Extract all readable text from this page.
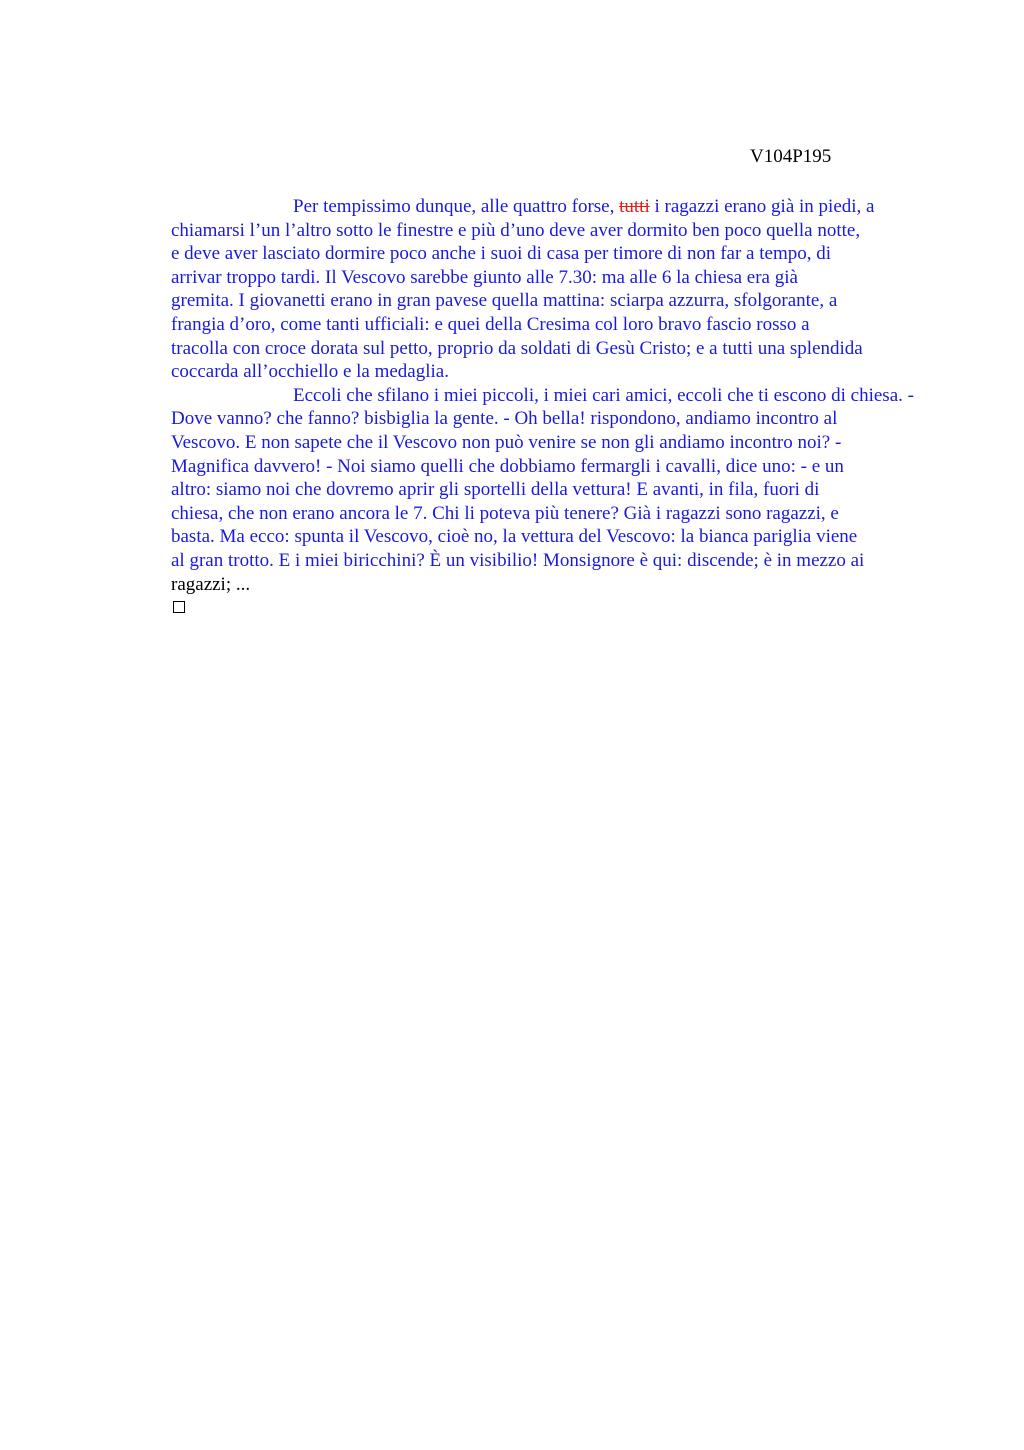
V104P195
Per tempissimo dunque, alle quattro forse, tutti i ragazzi erano già in piedi, a
chiamarsi l’un l’altro sotto le finestre e più d’uno deve aver dormito ben poco quella notte,
e deve aver lasciato dormire poco anche i suoi di casa per timore di non far a tempo, di
arrivar troppo tardi. Il Vescovo sarebbe giunto alle 7.30: ma alle 6 la chiesa era già
gremita. I giovanetti erano in gran pavese quella mattina: sciarpa azzurra, sfolgorante, a
frangia d’oro, come tanti ufficiali: e quei della Cresima col loro bravo fascio rosso a
tracolla con croce dorata sul petto, proprio da soldati di Gesù Cristo; e a tutti una splendida
coccarda all’occhiello e la medaglia.
Eccoli che sfilano i miei piccoli, i miei cari amici, eccoli che ti escono di chiesa. -
Dove vanno? che fanno? bisbiglia la gente. - Oh bella! rispondono, andiamo incontro al
Vescovo. E non sapete che il Vescovo non può venire se non gli andiamo incontro noi? -
Magnifica davvero! - Noi siamo quelli che dobbiamo fermargli i cavalli, dice uno: - e un
altro: siamo noi che dovremo aprir gli sportelli della vettura! E avanti, in fila, fuori di
chiesa, che non erano ancora le 7. Chi li poteva più tenere? Già i ragazzi sono ragazzi, e
basta. Ma ecco: spunta il Vescovo, cioè no, la vettura del Vescovo: la bianca pariglia viene
al gran trotto. E i miei biricchini? È un visibilio! Monsignore è qui: discende; è in mezzo ai
ragazzi; ...
